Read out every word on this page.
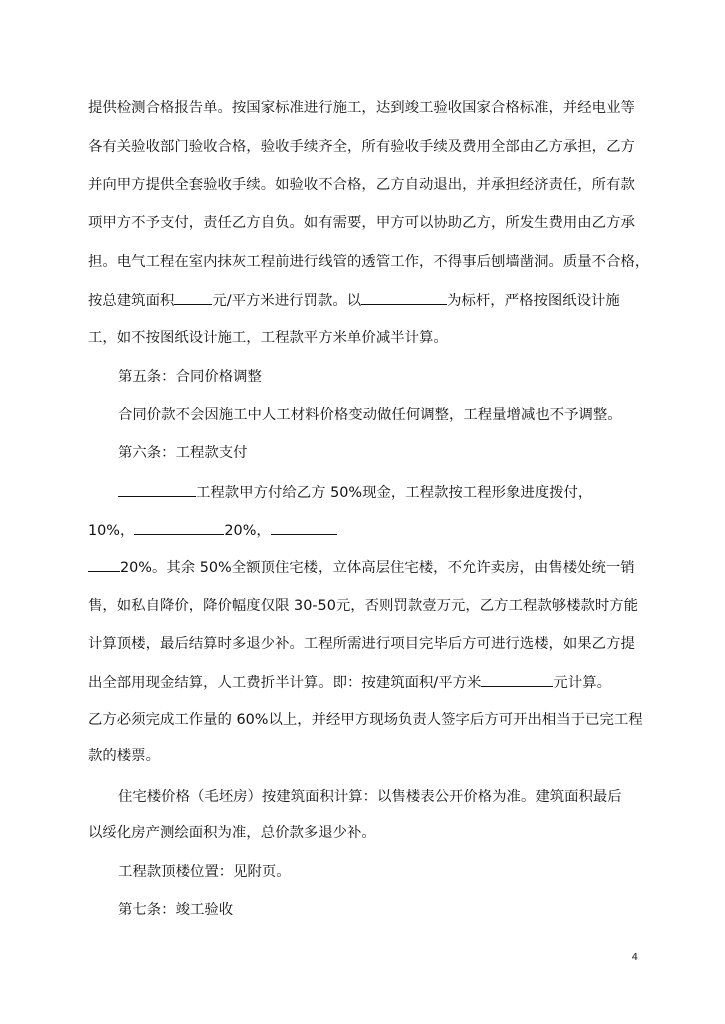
提供检测合格报告单。按国家标准进行施工，达到竣工验收国家合格标准，并经电业等
各有关验收部门验收合格，验收手续齐全，所有验收手续及费用全部由乙方承担，乙方
并向甲方提供全套验收手续。如验收不合格，乙方自动退出，并承担经济责任，所有款
项甲方不予支付，责任乙方自负。如有需要，甲方可以协助乙方，所发生费用由乙方承
担。电气工程在室内抹灰工程前进行线管的透管工作，不得事后刨墙凿洞。质量不合格，
按总建筑面积	元/平方米进行罚款。以	为标杆，严格按图纸设计施
工，如不按图纸设计施工，工程款平方米单价减半计算。
第五条：合同价格调整
合同价款不会因施工中人工材料价格变动做任何调整，工程量增减也不予调整。
第六条：工程款支付
工程款甲方付给乙方 50%现金，工程款按工程形象进度拨付，
10%，	20%，
20%。其余 50%全额顶住宅楼，立体高层住宅楼，不允许卖房，由售楼处统一销
售，如私自降价，降价幅度仅限 30-50元，否则罚款壹万元，乙方工程款够楼款时方能
计算顶楼，最后结算时多退少补。工程所需进行项目完毕后方可进行选楼，如果乙方提
出全部用现金结算，人工费折半计算。即：按建筑面积/平方米	元计算。
乙方必须完成工作量的 60%以上，并经甲方现场负责人签字后方可开出相当于已完工程
款的楼票。
住宅楼价格（毛坯房）按建筑面积计算：以售楼表公开价格为准。建筑面积最后
以绥化房产测绘面积为准，总价款多退少补。
工程款顶楼位置：见附页。
第七条：竣工验收
4
